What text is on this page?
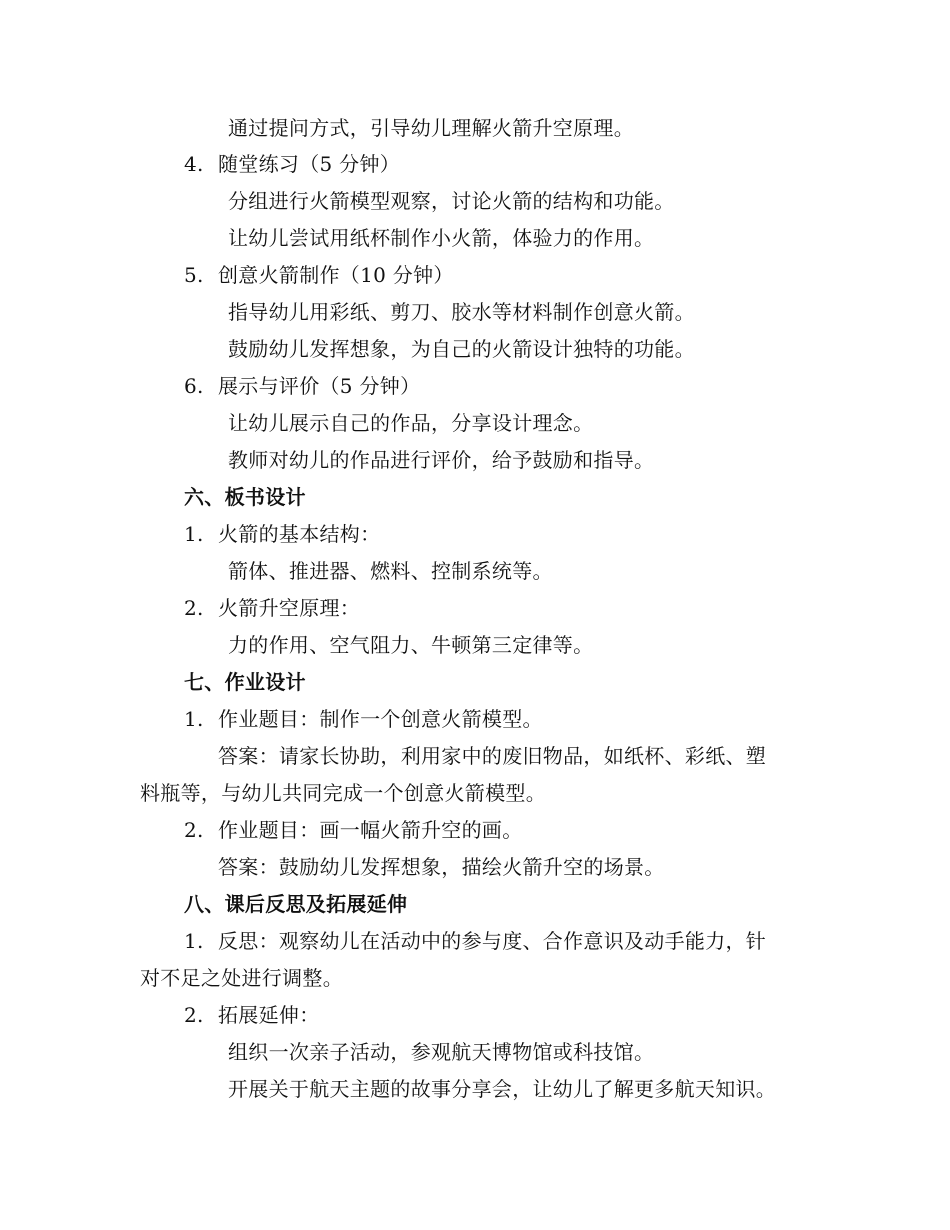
通过提问方式，引导幼儿理解火箭升空原理。
4. 随堂练习（5 分钟）
分组进行火箭模型观察，讨论火箭的结构和功能。
让幼儿尝试用纸杯制作小火箭，体验力的作用。
5. 创意火箭制作（10 分钟）
指导幼儿用彩纸、剪刀、胶水等材料制作创意火箭。
鼓励幼儿发挥想象，为自己的火箭设计独特的功能。
6. 展示与评价（5 分钟）
让幼儿展示自己的作品，分享设计理念。
教师对幼儿的作品进行评价，给予鼓励和指导。
六、板书设计
1. 火箭的基本结构：
箭体、推进器、燃料、控制系统等。
2. 火箭升空原理：
力的作用、空气阻力、牛顿第三定律等。
七、作业设计
1. 作业题目：制作一个创意火箭模型。
答案：请家长协助，利用家中的废旧物品，如纸杯、彩纸、塑
料瓶等，与幼儿共同完成一个创意火箭模型。
2. 作业题目：画一幅火箭升空的画。
答案：鼓励幼儿发挥想象，描绘火箭升空的场景。
八、课后反思及拓展延伸
1. 反思：观察幼儿在活动中的参与度、合作意识及动手能力，针
对不足之处进行调整。
2. 拓展延伸：
组织一次亲子活动，参观航天博物馆或科技馆。
开展关于航天主题的故事分享会，让幼儿了解更多航天知识。
